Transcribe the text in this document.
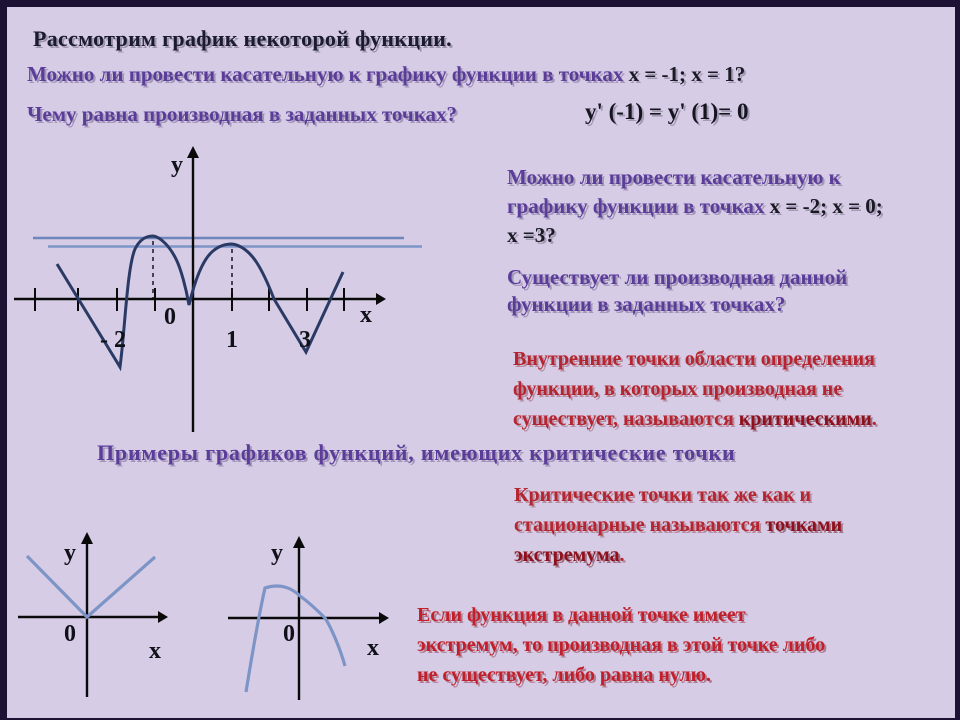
у
х
0
- 2	1	3
у
0
х
у
0
х
Рассмотрим график некоторой функции.
Можно ли провести касательную к графику функции в точках х = -1; х = 1?
Чему равна производная в заданных точках?	y' (-1) = y' (1)= 0
Можно ли провести касательную к
графику функции в точках х = -2; х = 0;
х =3?
Существует ли производная данной
функции в заданных точках?
Внутренние точки области определения
функции, в которых производная не
существует, называются критическими.
Примеры графиков функций, имеющих критические точки
Критические точки так же как и
стационарные называются точками
экстремума.
Если функция в данной точке имеет
экстремум, то производная в этой точке либо
не существует, либо равна нулю.
